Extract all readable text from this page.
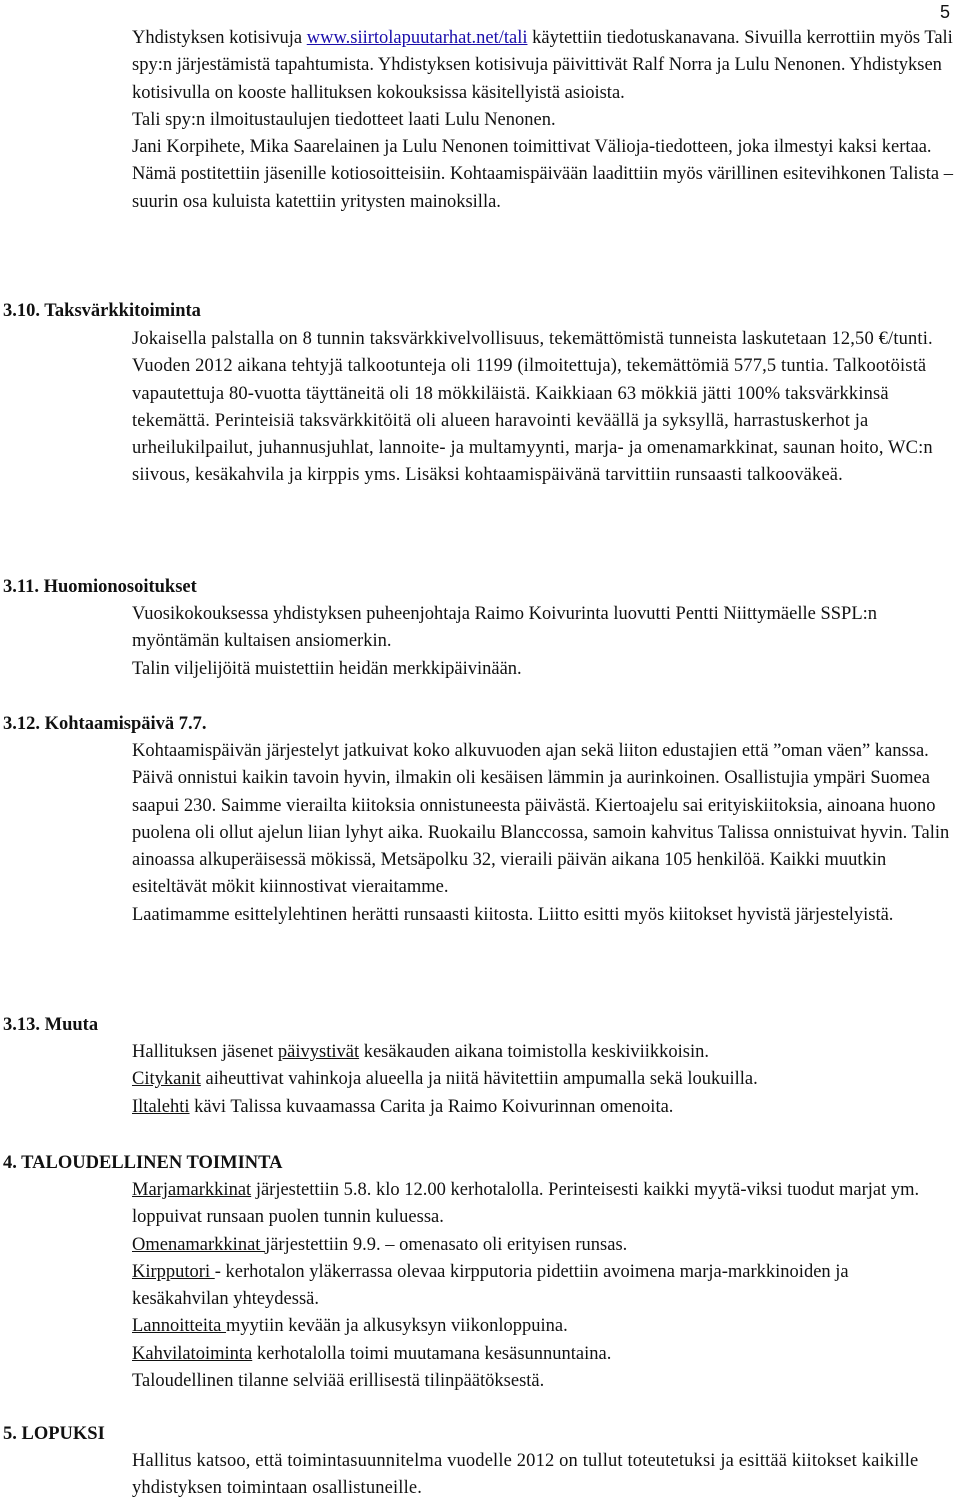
5

Yhdistyksen kotisivuja www.siirtolapuutarhat.net/tali käytettiin tiedotuskanavana. Sivuilla kerrottiin myös Tali spy:n järjestämistä tapahtumista. Yhdistyksen kotisivuja päivittivät Ralf Norra ja Lulu Nenonen. Yhdistyksen kotisivulla on kooste hallituksen kokouksissa käsitellyistä asioista.

Tali spy:n ilmoitustaulujen tiedotteet laati Lulu Nenonen.

Jani Korpihete, Mika Saarelainen ja Lulu Nenonen toimittivat Välioja-tiedotteen, joka ilmestyi kaksi kertaa. Nämä postitettiin jäsenille kotiosoitteisiin. Kohtaamispäivään laadittiin myös värillinen esitevihkonen Talista – suurin osa kuluista katettiin yritysten mainoksilla.

3.10. Taksvärkkitoiminta

Jokaisella palstalla on 8 tunnin taksvärkkivelvollisuus, tekemättömistä tunneista laskutetaan 12,50 €/tunti. Vuoden 2012 aikana tehtyjä talkootunteja oli 1199 (ilmoitettuja), tekemättömiä 577,5 tuntia. Talkootöistä vapautettuja 80-vuotta täyttäneitä oli 18 mökkiläistä. Kaikkiaan 63 mökkiä jätti 100% taksvärkkinsä tekemättä. Perinteisiä taksvärkkitöitä oli alueen haravointi keväällä ja syksyllä, harrastuskerhot ja urheilukilpailut, juhannusjuhlat, lannoite- ja multamyynti, marja- ja omenamarkkinat, saunan hoito, WC:n siivous, kesäkahvila ja kirppis yms. Lisäksi kohtaamispäivänä tarvittiin runsaasti talkooväkeä.

3.11. Huomionosoitukset

Vuosikokouksessa yhdistyksen puheenjohtaja Raimo Koivurinta luovutti Pentti Niittymäelle SSPL:n myöntämän kultaisen ansiomerkin.

Talin viljelijöitä muistettiin heidän merkkipäivinään.

3.12. Kohtaamispäivä 7.7.

Kohtaamispäivän järjestelyt jatkuivat koko alkuvuoden ajan sekä liiton edustajien että ”oman väen” kanssa. Päivä onnistui kaikin tavoin hyvin, ilmakin oli kesäisen lämmin ja aurinkoinen. Osallistujia ympäri Suomea saapui 230. Saimme vierailta kiitoksia onnistuneesta päivästä. Kiertoajelu sai erityiskiitoksia, ainoana huono puolena oli ollut ajelun liian lyhyt aika. Ruokailu Blanccossa, samoin kahvitus Talissa onnistuivat hyvin. Talin ainoassa alkuperäisessä mökissä, Metsäpolku 32, vieraili päivän aikana 105 henkilöä. Kaikki muutkin esiteltävät mökit kiinnostivat vieraitamme.

Laatimamme esittelylehtinen herätti runsaasti kiitosta. Liitto esitti myös kiitokset hyvistä järjestelyistä.

3.13. Muuta

Hallituksen jäsenet päivystivät kesäkauden aikana toimistolla keskiviikkoisin.

Citykanit aiheuttivat vahinkoja alueella ja niitä hävitettiin ampumalla sekä loukuilla.

Iltalehti kävi Talissa kuvaamassa Carita ja Raimo Koivurinnan omenoita.

4. TALOUDELLINEN TOIMINTA

Marjamarkkinat järjestettiin 5.8. klo 12.00 kerhotalolla. Perinteisesti kaikki myytä-viksi tuodut marjat ym. loppuivat runsaan puolen tunnin kuluessa.

Omenamarkkinat järjestettiin 9.9. – omenasato oli erityisen runsas.

Kirpputori - kerhotalon yläkerrassa olevaa kirpputoria pidettiin avoimena marja-markkinoiden ja kesäkahvilan yhteydessä.

Lannoitteita myytiin kevään ja alkusyksyn viikonloppuina.

Kahvilatoiminta kerhotalolla toimi muutamana kesäsunnuntaina.

Taloudellinen tilanne selviää erillisestä tilinpäätöksestä.

5. LOPUKSI

Hallitus katsoo, että toimintasuunnitelma vuodelle 2012 on tullut toteutetuksi ja esittää kiitokset kaikille yhdistyksen toimintaan osallistuneille.
